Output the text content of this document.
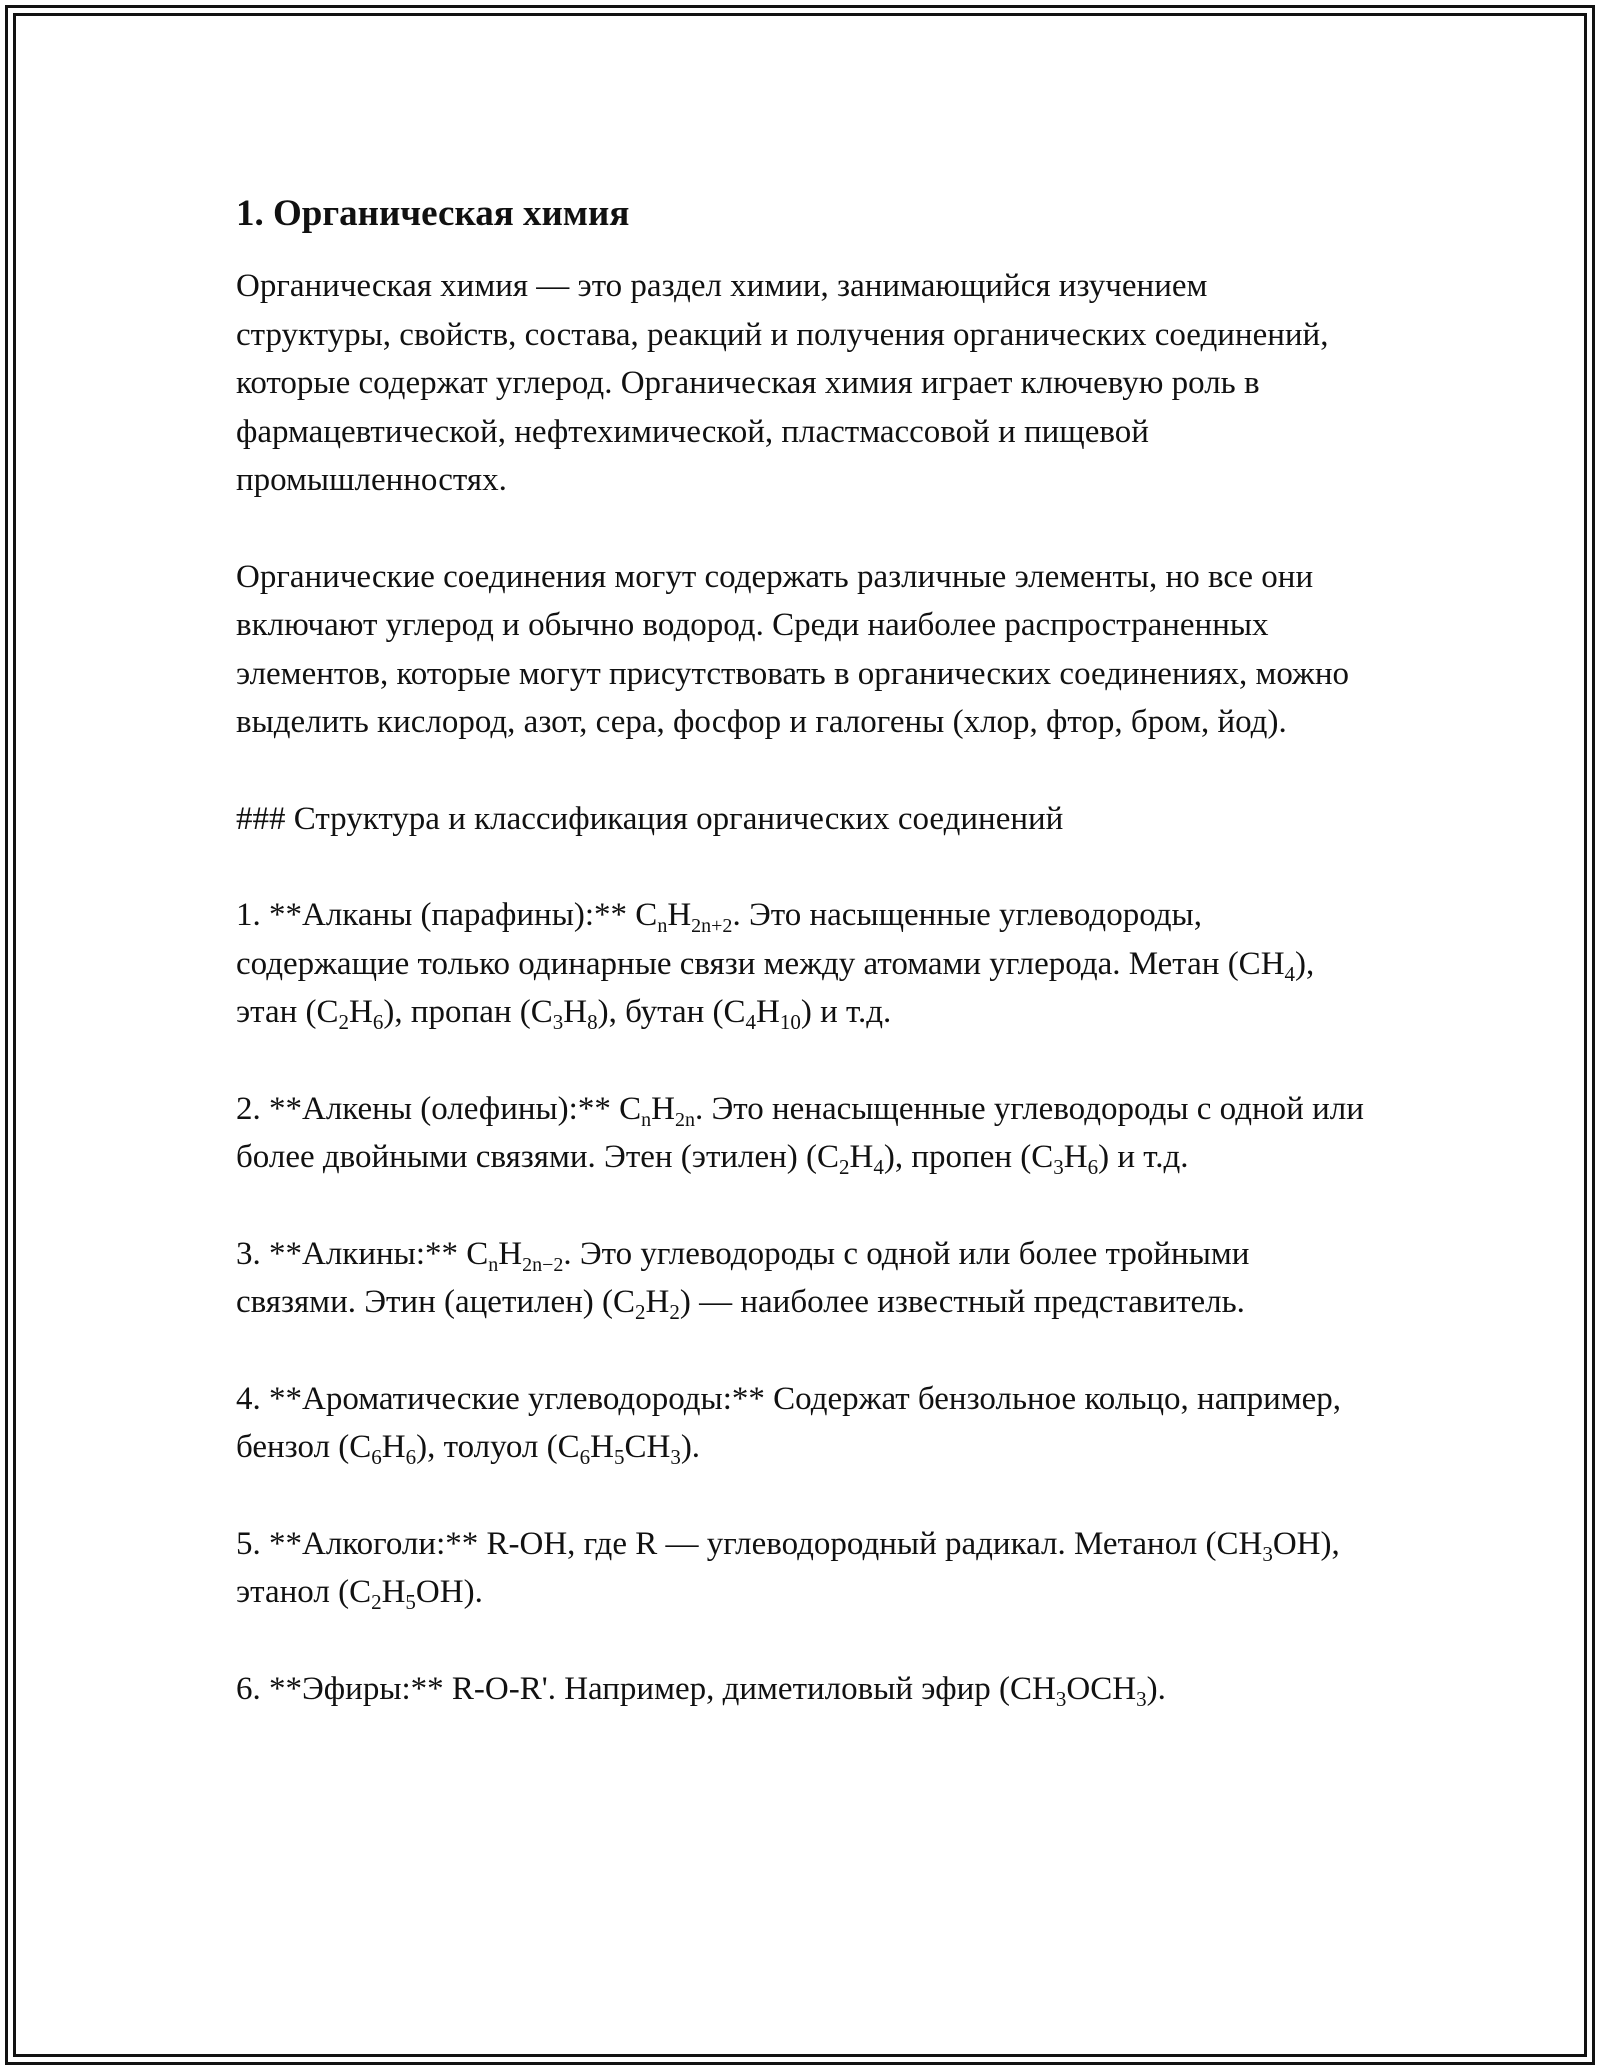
1. Органическая химия

Органическая химия — это раздел химии, занимающийся изучением структуры, свойств, состава, реакций и получения органических соединений, которые содержат углерод. Органическая химия играет ключевую роль в фармацевтической, нефтехимической, пластмассовой и пищевой промышленностях.

Органические соединения могут содержать различные элементы, но все они включают углерод и обычно водород. Среди наиболее распространенных элементов, которые могут присутствовать в органических соединениях, можно выделить кислород, азот, сера, фосфор и галогены (хлор, фтор, бром, йод).

### Структура и классификация органических соединений

1. **Алканы (парафины):** $C_nH_{2n+2}$. Это насыщенные углеводороды, содержащие только одинарные связи между атомами углерода. Метан $(CH_4)$, этан $(C_2H_6)$, пропан $(C_3H_8)$, бутан $(C_4H_{10})$ и т.д.

2. **Алкены (олефины):** $C_nH_{2n}$. Это ненасыщенные углеводороды с одной или более двойными связями. Этен (этилен) $(C_2H_4)$, пропен $(C_3H_6)$ и т.д.

3. **Алкины:** $C_nH_{2n-2}$. Это углеводороды с одной или более тройными связями. Этин (ацетилен) $(C_2H_2)$ — наиболее известный представитель.

4. **Ароматические углеводороды:** Содержат бензольное кольцо, например, бензол $(C_6H_6)$, толуол $(C_6H_5CH_3)$.

5. **Алкоголи:** R-OH, где R — углеводородный радикал. Метанол $(CH_3OH)$, этанол $(C_2H_5OH)$.

6. **Эфиры:** R-O-R'. Например, диметиловый эфир $(CH_3OCH_3)$.
